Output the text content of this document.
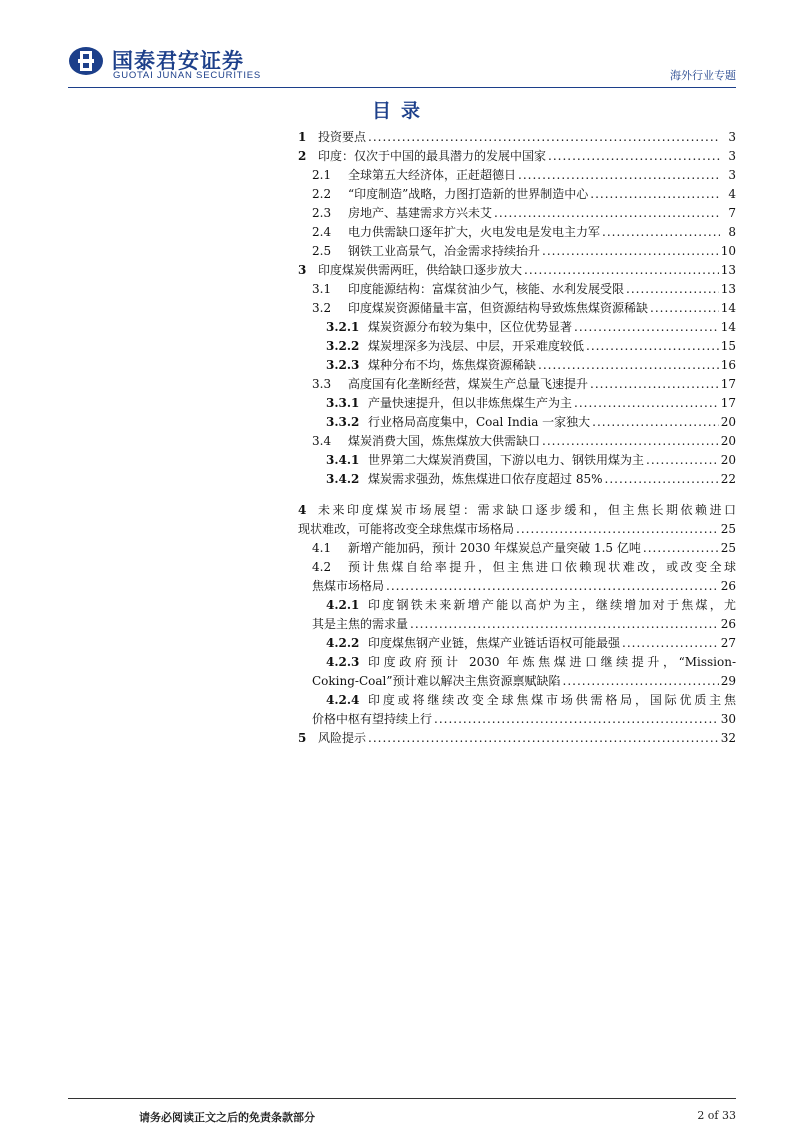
国泰君安证券
GUOTAI JUNAN SECURITIES	海外行业专题
目录
1 投资要点 .....	3
2 印度：仅次于中国的最具潜力的发展中国家 .....	3
2.1 全球第五大经济体，正赶超德日 .....	3
2.2 “印度制造”战略，力图打造新的世界制造中心 .....	4
2.3 房地产、基建需求方兴未艾 .....	7
2.4 电力供需缺口逐年扩大，火电发电是发电主力军 .....	8
2.5 钢铁工业高景气，冶金需求持续抬升 .....	10
3 印度煤炭供需两旺，供给缺口逐步放大 .....	13
3.1 印度能源结构：富煤贫油少气，核能、水利发展受限 .....	13
3.2 印度煤炭资源储量丰富，但资源结构导致炼焦煤资源稀缺 .....	14
3.2.1 煤炭资源分布较为集中，区位优势显著 .....	14
3.2.2 煤炭埋深多为浅层、中层，开采难度较低 .....	15
3.2.3 煤种分布不均，炼焦煤资源稀缺 .....	16
3.3 高度国有化垄断经营，煤炭生产总量飞速提升 .....	17
3.3.1 产量快速提升，但以非炼焦煤生产为主 .....	17
3.3.2 行业格局高度集中，Coal India 一家独大 .....	20
3.4 煤炭消费大国，炼焦煤放大供需缺口 .....	20
3.4.1 世界第二大煤炭消费国，下游以电力、钢铁用煤为主 .....	20
3.4.2 煤炭需求强劲，炼焦煤进口依存度超过 85% .....	22
4 未来印度煤炭市场展望：需求缺口逐步缓和，但主焦长期依赖进口
现状难改，可能将改变全球焦煤市场格局 .....	25
4.1 新增产能加码，预计 2030 年煤炭总产量突破 1.5 亿吨 .....	25
4.2 预计焦煤自给率提升，但主焦进口依赖现状难改，或改变全球
焦煤市场格局 .....	26
4.2.1 印度钢铁未来新增产能以高炉为主，继续增加对于焦煤，尤
其是主焦的需求量 .....	26
4.2.2 印度煤焦钢产业链，焦煤产业链话语权可能最强 .....	27
4.2.3 印度政府预计 2030 年炼焦煤进口继续提升，“Mission-
Coking-Coal”预计难以解决主焦资源禀赋缺陷 .....	29
4.2.4 印度或将继续改变全球焦煤市场供需格局，国际优质主焦
价格中枢有望持续上行 .....	30
5 风险提示 .....	32
请务必阅读正文之后的免责条款部分	2 of 33
